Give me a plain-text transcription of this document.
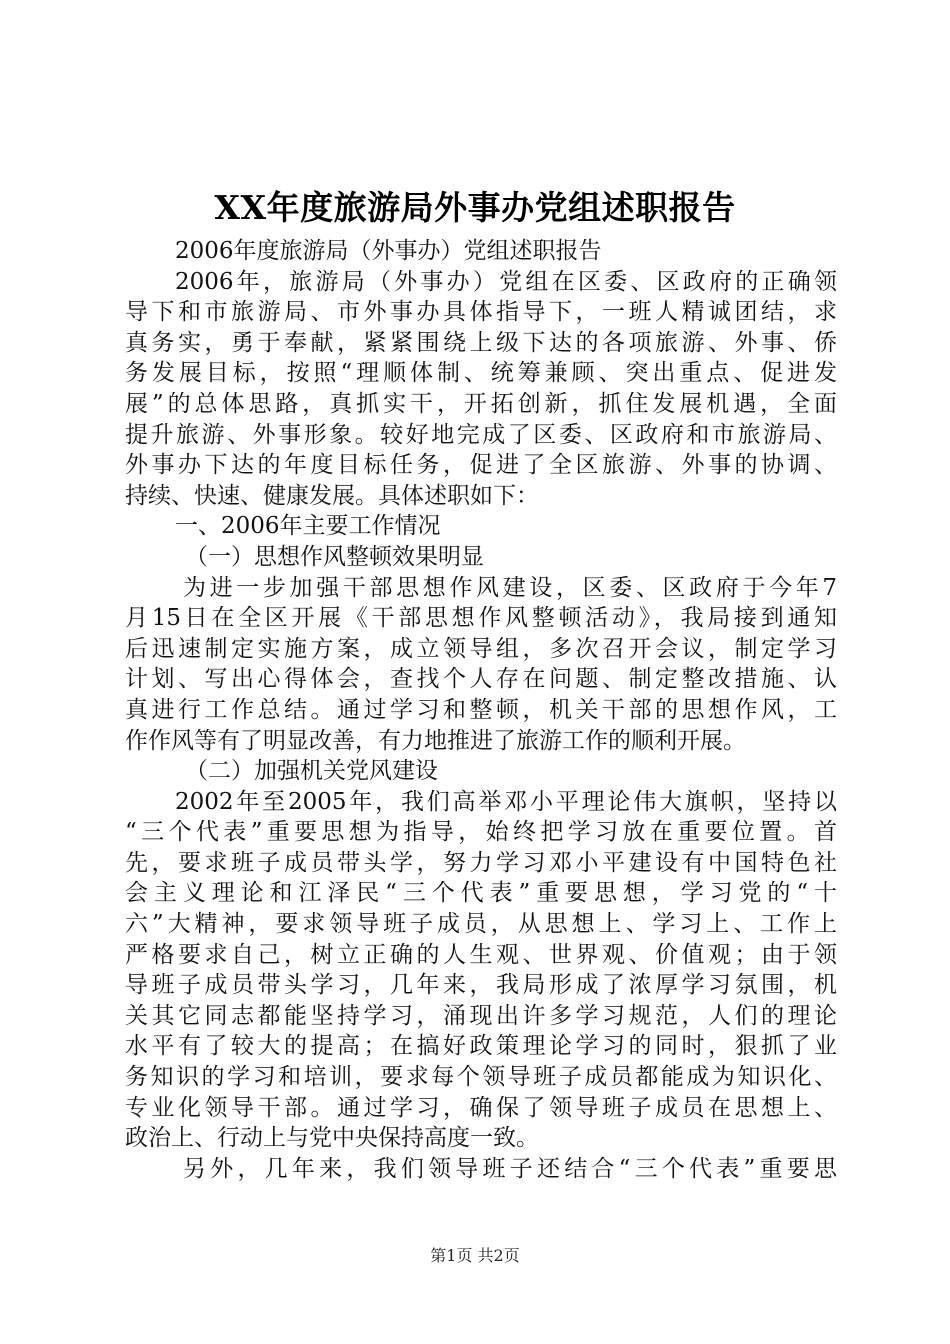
XX年度旅游局外事办党组述职报告
2006年度旅游局（外事办）党组述职报告
2006年，旅游局（外事办）党组在区委、区政府的正确领
导下和市旅游局、市外事办具体指导下，一班人精诚团结，求
真务实，勇于奉献，紧紧围绕上级下达的各项旅游、外事、侨
务发展目标，按照“理顺体制、统筹兼顾、突出重点、促进发
展”的总体思路，真抓实干，开拓创新，抓住发展机遇，全面
提升旅游、外事形象。较好地完成了区委、区政府和市旅游局、
外事办下达的年度目标任务，促进了全区旅游、外事的协调、
持续、快速、健康发展。具体述职如下：
一、2006年主要工作情况
（一）思想作风整顿效果明显
为进一步加强干部思想作风建设，区委、区政府于今年7
月15日在全区开展《干部思想作风整顿活动》，我局接到通知
后迅速制定实施方案，成立领导组，多次召开会议，制定学习
计划、写出心得体会，查找个人存在问题、制定整改措施、认
真进行工作总结。通过学习和整顿，机关干部的思想作风，工
作作风等有了明显改善，有力地推进了旅游工作的顺利开展。
（二）加强机关党风建设
2002年至2005年，我们高举邓小平理论伟大旗帜，坚持以
“三个代表”重要思想为指导，始终把学习放在重要位置。首
先，要求班子成员带头学，努力学习邓小平建设有中国特色社
会主义理论和江泽民“三个代表”重要思想，学习党的“十
六”大精神，要求领导班子成员，从思想上、学习上、工作上
严格要求自己，树立正确的人生观、世界观、价值观；由于领
导班子成员带头学习，几年来，我局形成了浓厚学习氛围，机
关其它同志都能坚持学习，涌现出许多学习规范，人们的理论
水平有了较大的提高；在搞好政策理论学习的同时，狠抓了业
务知识的学习和培训，要求每个领导班子成员都能成为知识化、
专业化领导干部。通过学习，确保了领导班子成员在思想上、
政治上、行动上与党中央保持高度一致。
另外，几年来，我们领导班子还结合“三个代表”重要思
第1页 共2页
